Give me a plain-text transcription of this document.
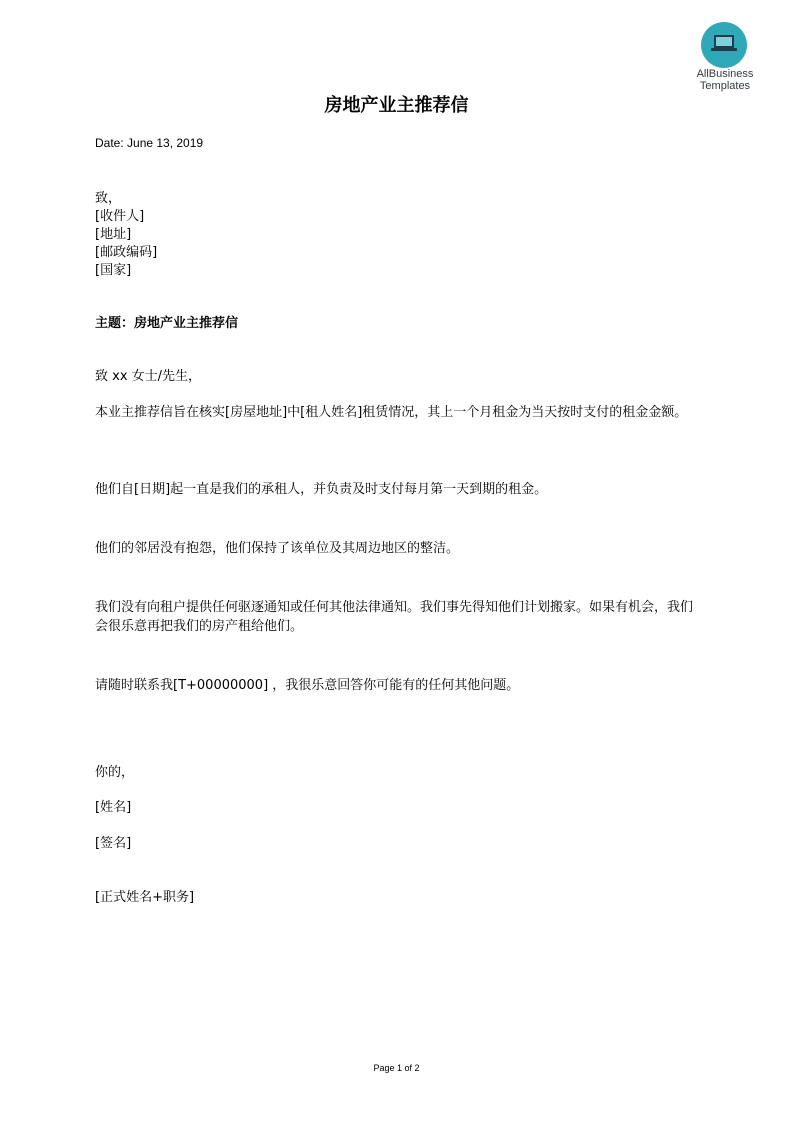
AllBusiness
Templates
房地产业主推荐信
Date: June 13, 2019
致，
[收件人]
[地址]
[邮政编码]
[国家]
主题：房地产业主推荐信
致 xx 女士/先生，
本业主推荐信旨在核实[房屋地址]中[租人姓名]租赁情况，其上一个月租金为当天按时支付的租金金额。
他们自[日期]起一直是我们的承租人，并负责及时支付每月第一天到期的租金。
他们的邻居没有抱怨，他们保持了该单位及其周边地区的整洁。
我们没有向租户提供任何驱逐通知或任何其他法律通知。我们事先得知他们计划搬家。如果有机会，我们会很乐意再把我们的房产租给他们。
请随时联系我[T+00000000] ，我很乐意回答你可能有的任何其他问题。
你的，
[姓名]
[签名]
[正式姓名+职务]
Page 1 of 2
